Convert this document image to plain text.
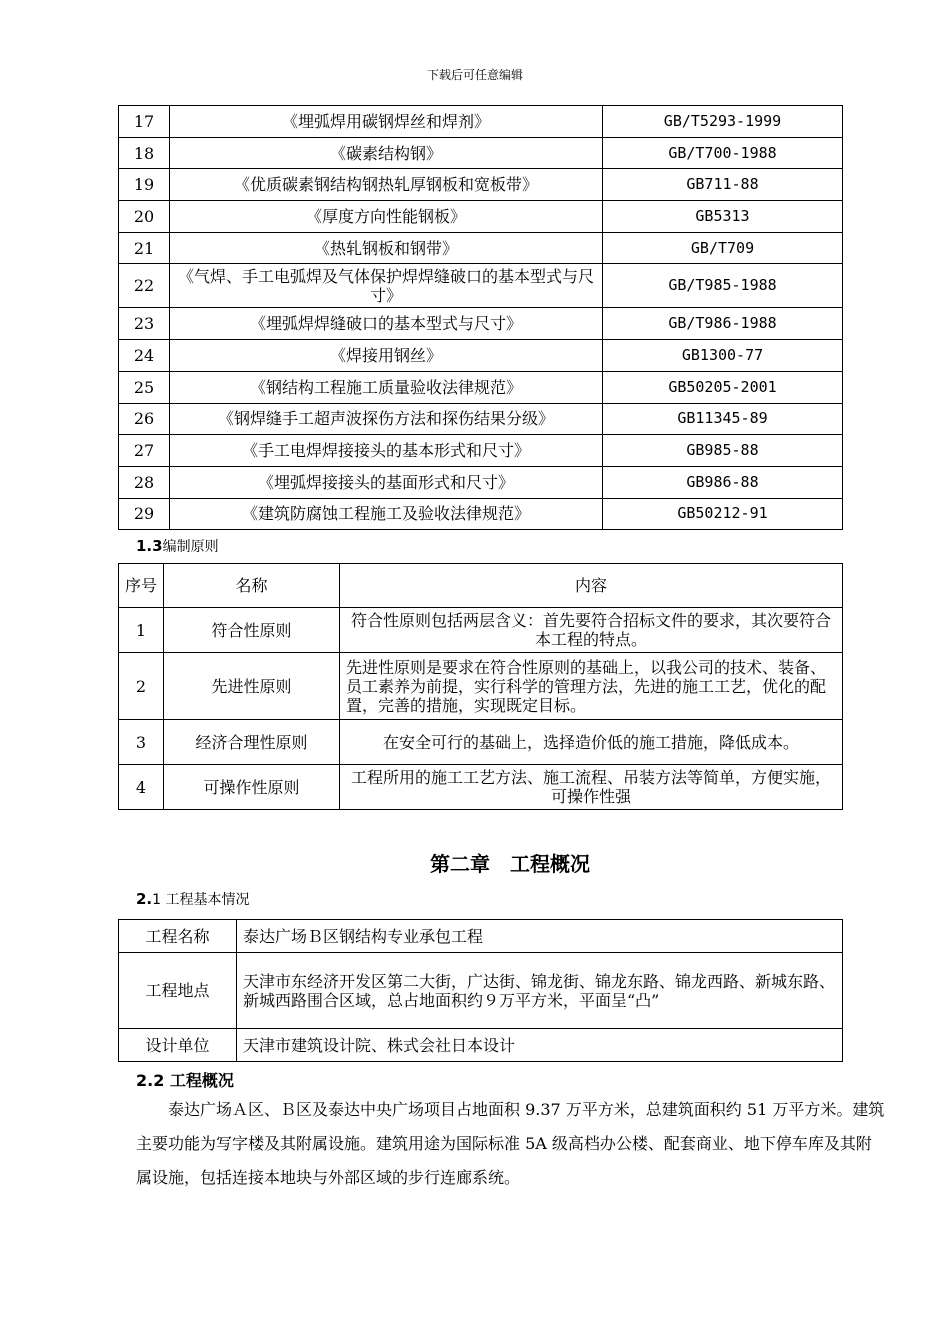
下载后可任意编辑
17	《埋弧焊用碳钢焊丝和焊剂》	GB/T5293-1999
18	《碳素结构钢》	GB/T700-1988
19	《优质碳素钢结构钢热轧厚钢板和宽板带》	GB711-88
20	《厚度方向性能钢板》	GB5313
21	《热轧钢板和钢带》	GB/T709
22	《气焊、手工电弧焊及气体保护焊焊缝破口的基本型式与尺寸》	GB/T985-1988
23	《埋弧焊焊缝破口的基本型式与尺寸》	GB/T986-1988
24	《焊接用钢丝》	GB1300-77
25	《钢结构工程施工质量验收法律规范》	GB50205-2001
26	《钢焊缝手工超声波探伤方法和探伤结果分级》	GB11345-89
27	《手工电焊焊接接头的基本形式和尺寸》	GB985-88
28	《埋弧焊接接头的基面形式和尺寸》	GB986-88
29	《建筑防腐蚀工程施工及验收法律规范》	GB50212-91
1.3编制原则
序号	名称	内容
1	符合性原则	符合性原则包括两层含义：首先要符合招标文件的要求，其次要符合本工程的特点。
2	先进性原则	先进性原则是要求在符合性原则的基础上，以我公司的技术、装备、员工素养为前提，实行科学的管理方法，先进的施工工艺，优化的配置，完善的措施，实现既定目标。
3	经济合理性原则	在安全可行的基础上，选择造价低的施工措施，降低成本。
4	可操作性原则	工程所用的施工工艺方法、施工流程、吊装方法等简单，方便实施，可操作性强
第二章 工程概况
2.1 工程基本情况
工程名称	泰达广场Ｂ区钢结构专业承包工程
工程地点	天津市东经济开发区第二大街，广达街、锦龙街、锦龙东路、锦龙西路、新城东路、新城西路围合区域，总占地面积约９万平方米，平面呈“凸”
设计单位	天津市建筑设计院、株式会社日本设计
2.2 工程概况
泰达广场Ａ区、Ｂ区及泰达中央广场项目占地面积 9.37 万平方米，总建筑面积约 51 万平方米。建筑主要功能为写字楼及其附属设施。建筑用途为国际标准 5A 级高档办公楼、配套商业、地下停车库及其附属设施，包括连接本地块与外部区域的步行连廊系统。
